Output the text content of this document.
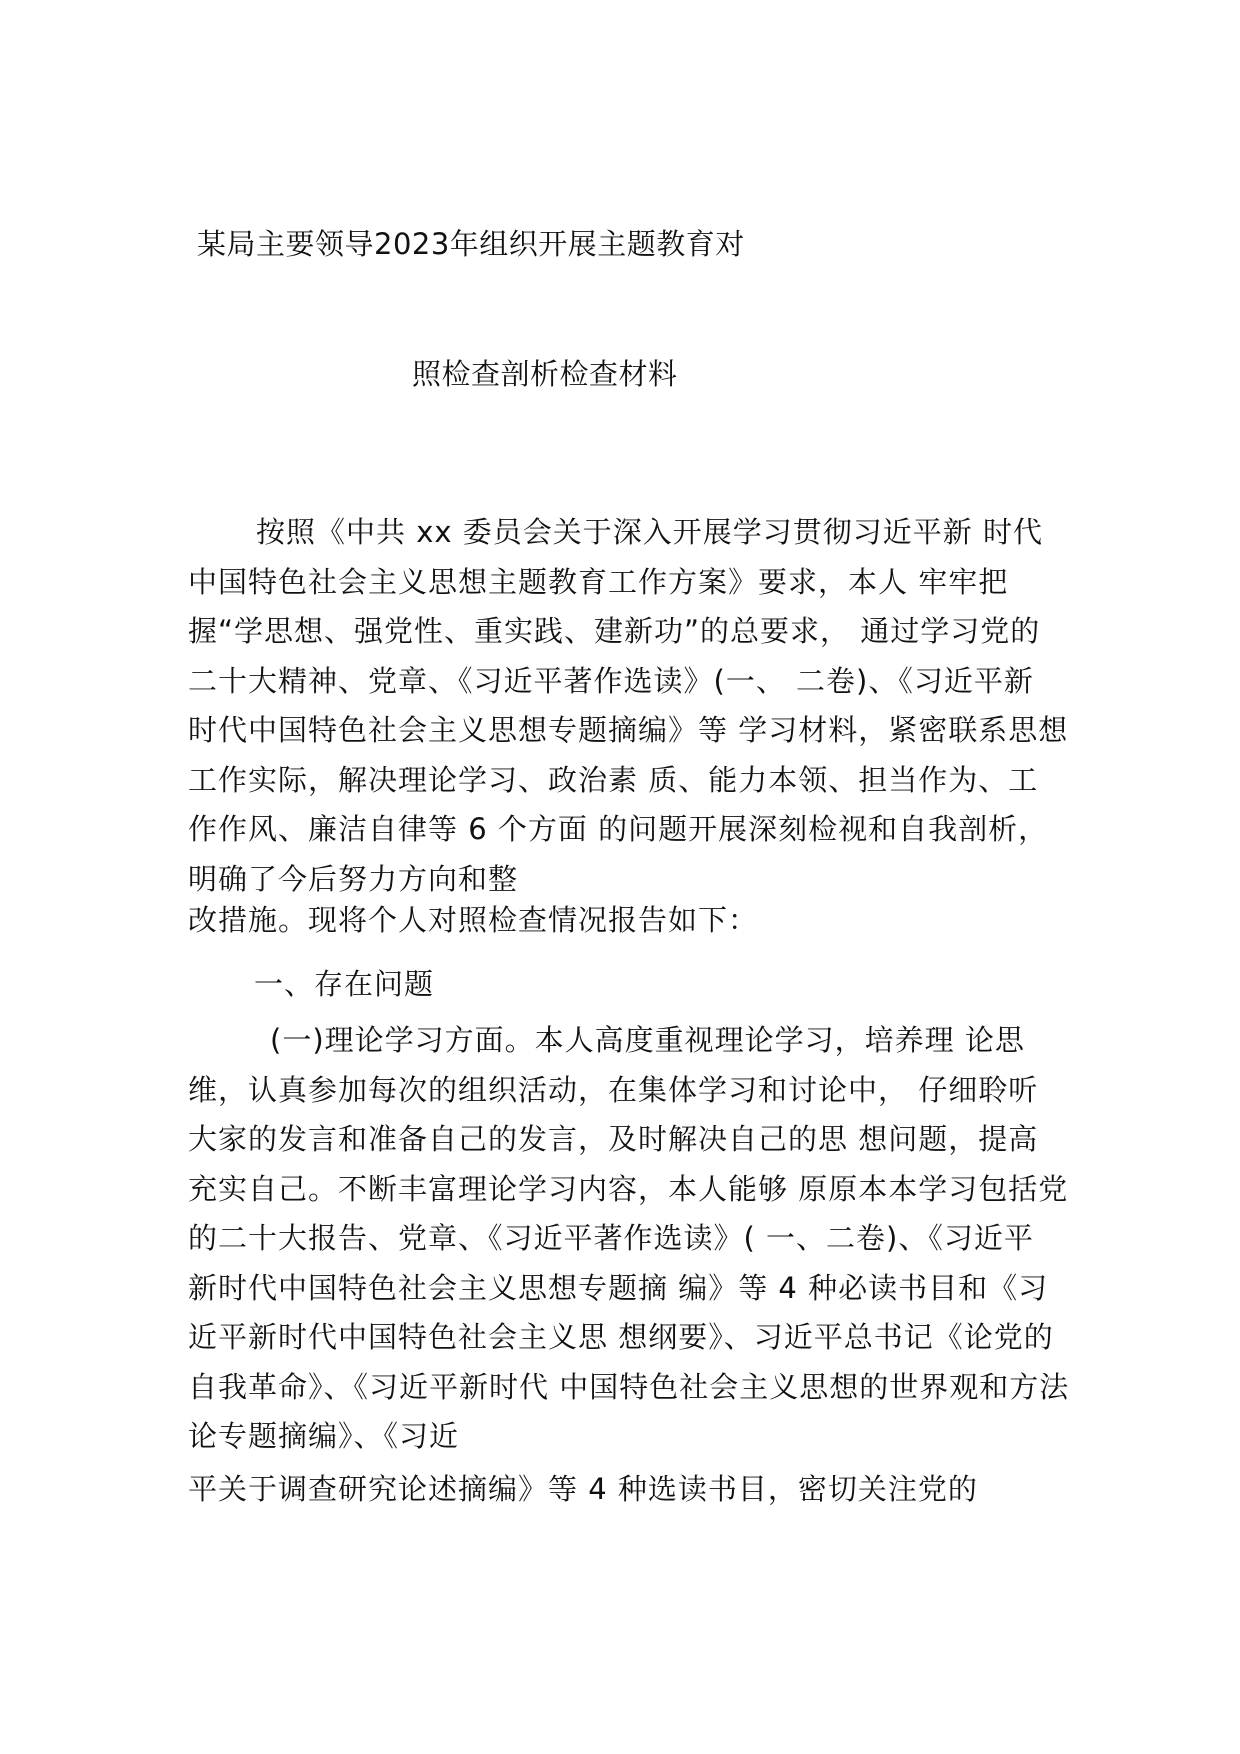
某局主要领导2023年组织开展主题教育对
照检查剖析检查材料
按照《中共 xx 委员会关于深入开展学习贯彻习近平新 时代
中国特色社会主义思想主题教育工作方案》要求，本人 牢牢把
握“学思想、强党性、重实践、建新功”的总要求， 通过学习党的
二十大精神、党章、《习近平著作选读》(一、 二卷)、《习近平新
时代中国特色社会主义思想专题摘编》等 学习材料，紧密联系思想
工作实际，解决理论学习、政治素 质、能力本领、担当作为、工
作作风、廉洁自律等 6 个方面 的问题开展深刻检视和自我剖析，
明确了今后努力方向和整
改措施。现将个人对照检查情况报告如下：
一、存在问题
(一)理论学习方面。本人高度重视理论学习，培养理 论思
维，认真参加每次的组织活动，在集体学习和讨论中， 仔细聆听
大家的发言和准备自己的发言，及时解决自己的思 想问题，提高
充实自己。不断丰富理论学习内容，本人能够 原原本本学习包括党
的二十大报告、党章、《习近平著作选读》( 一、二卷)、《习近平
新时代中国特色社会主义思想专题摘 编》等 4 种必读书目和《习
近平新时代中国特色社会主义思 想纲要》、习近平总书记《论党的
自我革命》、《习近平新时代 中国特色社会主义思想的世界观和方法
论专题摘编》、《习近
平关于调查研究论述摘编》等 4 种选读书目，密切关注党的
